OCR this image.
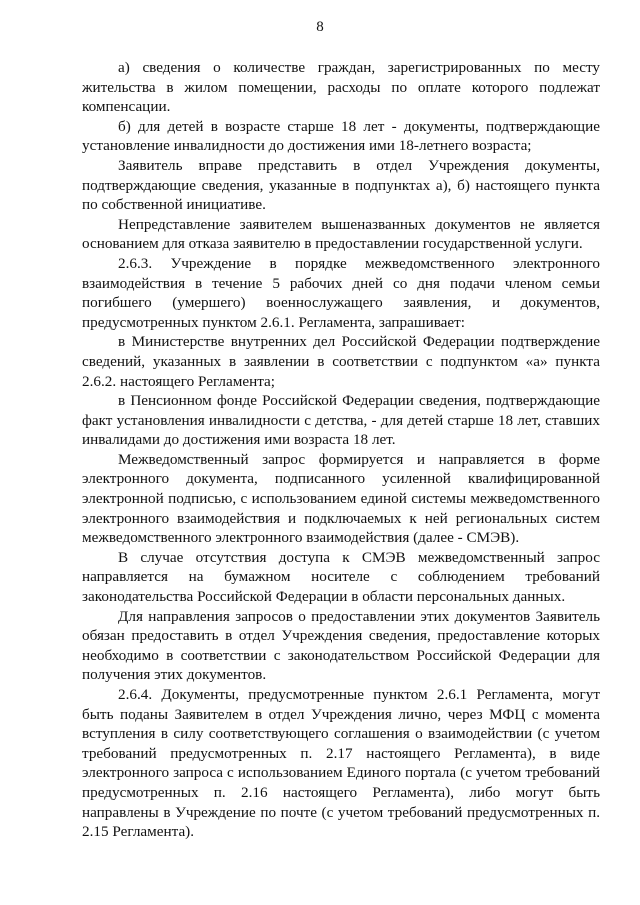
8

а) сведения о количестве граждан, зарегистрированных по месту жительства в жилом помещении, расходы по оплате которого подлежат компенсации.

б) для детей в возрасте старше 18 лет - документы, подтверждающие установление инвалидности до достижения ими 18-летнего возраста;

Заявитель вправе представить в отдел Учреждения документы, подтверждающие сведения, указанные в подпунктах а), б) настоящего пункта по собственной инициативе.

Непредставление заявителем вышеназванных документов не является основанием для отказа заявителю в предоставлении государственной услуги.

2.6.3. Учреждение в порядке межведомственного электронного взаимодействия в течение 5 рабочих дней со дня подачи членом семьи погибшего (умершего) военнослужащего заявления, и документов, предусмотренных пунктом 2.6.1. Регламента, запрашивает:

в Министерстве внутренних дел Российской Федерации подтверждение сведений, указанных в заявлении в соответствии с подпунктом «а» пункта 2.6.2. настоящего Регламента;

в Пенсионном фонде Российской Федерации сведения, подтверждающие факт установления инвалидности с детства, - для детей старше 18 лет, ставших инвалидами до достижения ими возраста 18 лет.

Межведомственный запрос формируется и направляется в форме электронного документа, подписанного усиленной квалифицированной электронной подписью, с использованием единой системы межведомственного электронного взаимодействия и подключаемых к ней региональных систем межведомственного электронного взаимодействия (далее - СМЭВ).

В случае отсутствия доступа к СМЭВ межведомственный запрос направляется на бумажном носителе с соблюдением требований законодательства Российской Федерации в области персональных данных.

Для направления запросов о предоставлении этих документов Заявитель обязан предоставить в отдел Учреждения сведения, предоставление которых необходимо в соответствии с законодательством Российской Федерации для получения этих документов.

2.6.4. Документы, предусмотренные пунктом 2.6.1 Регламента, могут быть поданы Заявителем в отдел Учреждения лично, через МФЦ с момента вступления в силу соответствующего соглашения о взаимодействии (с учетом требований предусмотренных п. 2.17 настоящего Регламента), в виде электронного запроса с использованием Единого портала (с учетом требований предусмотренных п. 2.16 настоящего Регламента), либо могут быть направлены в Учреждение по почте (с учетом требований предусмотренных п. 2.15 Регламента).
